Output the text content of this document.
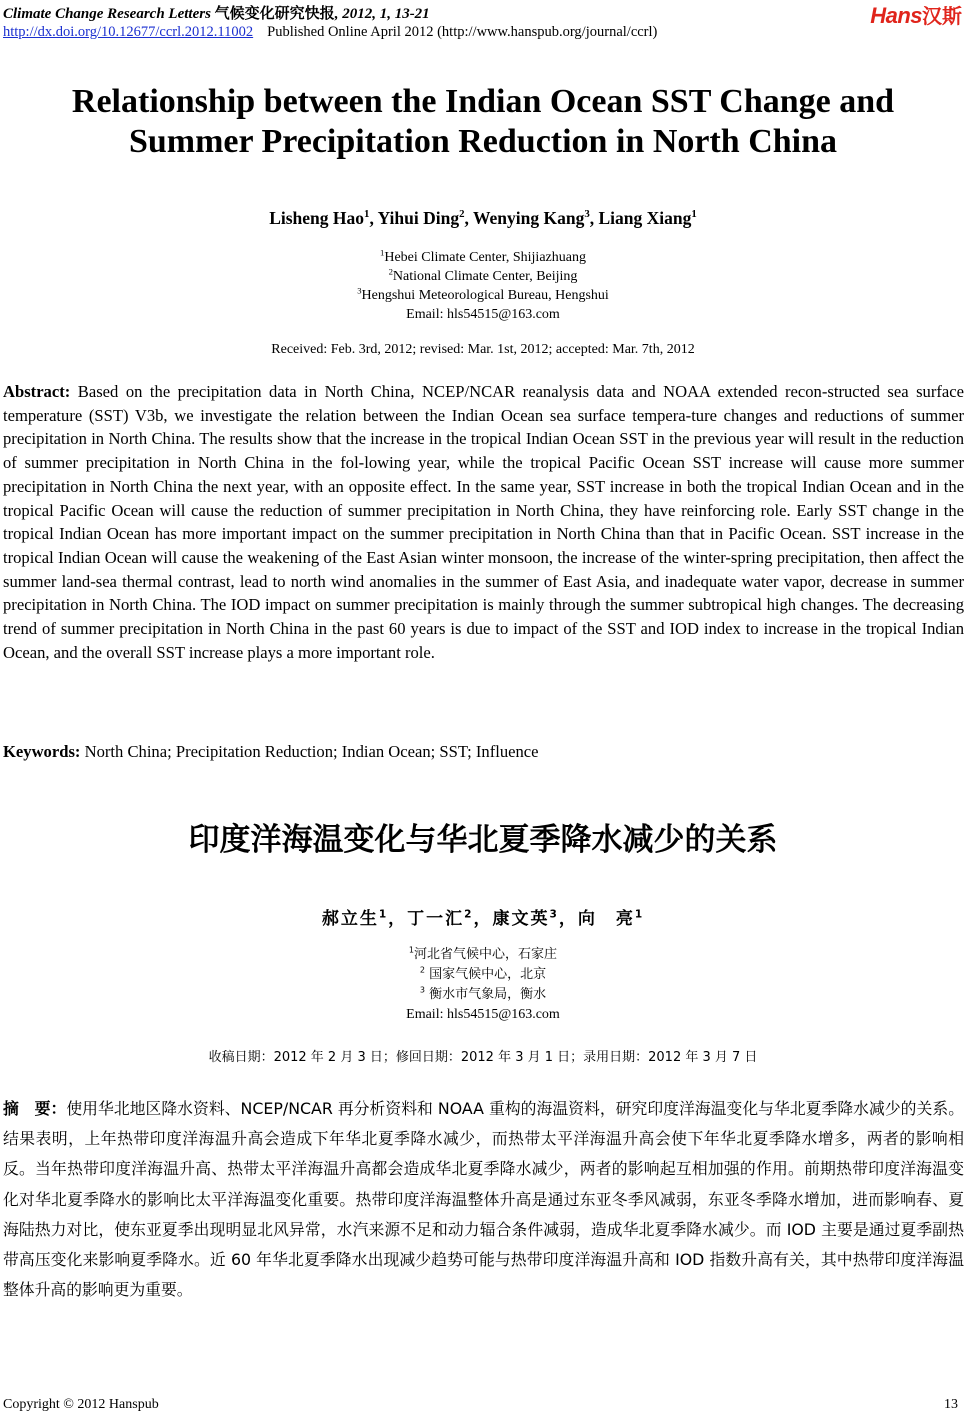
Climate Change Research Letters 气候变化研究快报, 2012, 1, 13-21
http://dx.doi.org/10.12677/ccrl.2012.11002 Published Online April 2012 (http://www.hanspub.org/journal/ccrl)
Hans汉斯
Relationship between the Indian Ocean SST Change and
Summer Precipitation Reduction in North China
Lisheng Hao$^1$, Yihui Ding$^2$, Wenying Kang$^3$, Liang Xiang$^1$
$^1$Hebei Climate Center, Shijiazhuang
$^2$National Climate Center, Beijing
$^3$Hengshui Meteorological Bureau, Hengshui
Email: hls54515@163.com
Received: Feb. 3rd, 2012; revised: Mar. 1st, 2012; accepted: Mar. 7th, 2012
Abstract: Based on the precipitation data in North China, NCEP/NCAR reanalysis data and NOAA extended recon-structed sea surface temperature (SST) V3b, we investigate the relation between the Indian Ocean sea surface tempera-ture changes and reductions of summer precipitation in North China. The results show that the increase in the tropical Indian Ocean SST in the previous year will result in the reduction of summer precipitation in North China in the fol-lowing year, while the tropical Pacific Ocean SST increase will cause more summer precipitation in North China the next year, with an opposite effect. In the same year, SST increase in both the tropical Indian Ocean and in the tropical Pacific Ocean will cause the reduction of summer precipitation in North China, they have reinforcing role. Early SST change in the tropical Indian Ocean has more important impact on the summer precipitation in North China than that in Pacific Ocean. SST increase in the tropical Indian Ocean will cause the weakening of the East Asian winter monsoon, the increase of the winter-spring precipitation, then affect the summer land-sea thermal contrast, lead to north wind anomalies in the summer of East Asia, and inadequate water vapor, decrease in summer precipitation in North China. The IOD impact on summer precipitation is mainly through the summer subtropical high changes. The decreasing trend of summer precipitation in North China in the past 60 years is due to impact of the SST and IOD index to increase in the tropical Indian Ocean, and the overall SST increase plays a more important role.
Keywords: North China; Precipitation Reduction; Indian Ocean; SST; Influence
印度洋海温变化与华北夏季降水减少的关系
郝立生$^1$，丁一汇$^2$，康文英$^3$，向　亮$^1$
$^1$河北省气候中心，石家庄
$^2$ 国家气候中心，北京
$^3$ 衡水市气象局，衡水
Email: hls54515@163.com
收稿日期：2012 年 2 月 3 日；修回日期：2012 年 3 月 1 日；录用日期：2012 年 3 月 7 日
摘　要：使用华北地区降水资料、NCEP/NCAR 再分析资料和 NOAA 重构的海温资料，研究印度洋海温变化与华北夏季降水减少的关系。结果表明，上年热带印度洋海温升高会造成下年华北夏季降水减少，而热带太平洋海温升高会使下年华北夏季降水增多，两者的影响相反。当年热带印度洋海温升高、热带太平洋海温升高都会造成华北夏季降水减少，两者的影响起互相加强的作用。前期热带印度洋海温变化对华北夏季降水的影响比太平洋海温变化重要。热带印度洋海温整体升高是通过东亚冬季风减弱，东亚冬季降水增加，进而影响春、夏海陆热力对比，使东亚夏季出现明显北风异常，水汽来源不足和动力辐合条件减弱，造成华北夏季降水减少。而 IOD 主要是通过夏季副热带高压变化来影响夏季降水。近 60 年华北夏季降水出现减少趋势可能与热带印度洋海温升高和 IOD 指数升高有关，其中热带印度洋海温整体升高的影响更为重要。
Copyright © 2012 Hanspub	13
